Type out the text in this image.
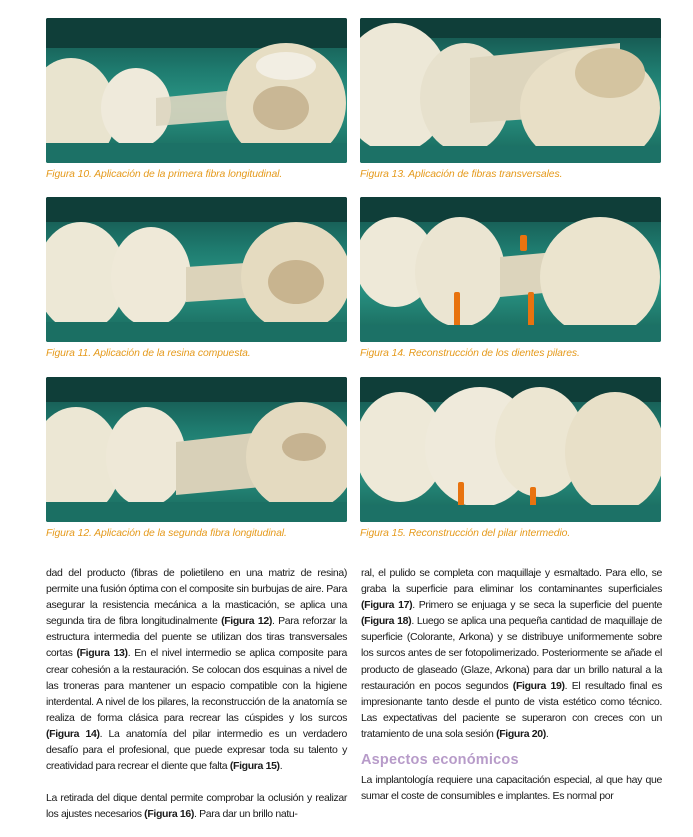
Figura 10. Aplicación de la primera fibra longitudinal.
Figura 11. Aplicación de la resina compuesta.
Figura 12. Aplicación de la segunda fibra longitudinal.
Figura 13. Aplicación de fibras transversales.
Figura 14. Reconstrucción de los dientes pilares.
Figura 15. Reconstrucción del pilar intermedio.

dad del producto (fibras de polietileno en una matriz de resina) permite una fusión óptima con el composite sin burbujas de aire. Para asegurar la resistencia mecánica a la masticación, se aplica una segunda tira de fibra longitudinalmente (Figura 12). Para reforzar la estructura intermedia del puente se utilizan dos tiras transversales cortas (Figura 13). En el nivel intermedio se aplica composite para crear cohesión a la restauración. Se colocan dos esquinas a nivel de las troneras para mantener un espacio compatible con la higiene interdental. A nivel de los pilares, la reconstrucción de la anatomía se realiza de forma clásica para recrear las cúspides y los surcos (Figura 14). La anatomía del pilar intermedio es un verdadero desafío para el profesional, que puede expresar toda su talento y creatividad para recrear el diente que falta (Figura 15).

La retirada del dique dental permite comprobar la oclusión y realizar los ajustes necesarios (Figura 16). Para dar un brillo natu-

ral, el pulido se completa con maquillaje y esmaltado. Para ello, se graba la superficie para eliminar los contaminantes superficiales (Figura 17). Primero se enjuaga y se seca la superficie del puente (Figura 18). Luego se aplica una pequeña cantidad de maquillaje de superficie (Colorante, Arkona) y se distribuye uniformemente sobre los surcos antes de ser fotopolimerizado. Posteriormente se añade el producto de glaseado (Glaze, Arkona) para dar un brillo natural a la restauración en pocos segundos (Figura 19). El resultado final es impresionante tanto desde el punto de vista estético como técnico. Las expectativas del paciente se superaron con creces con un tratamiento de una sola sesión (Figura 20).

Aspectos económicos

La implantología requiere una capacitación especial, al que hay que sumar el coste de consumibles e implantes. Es normal por
